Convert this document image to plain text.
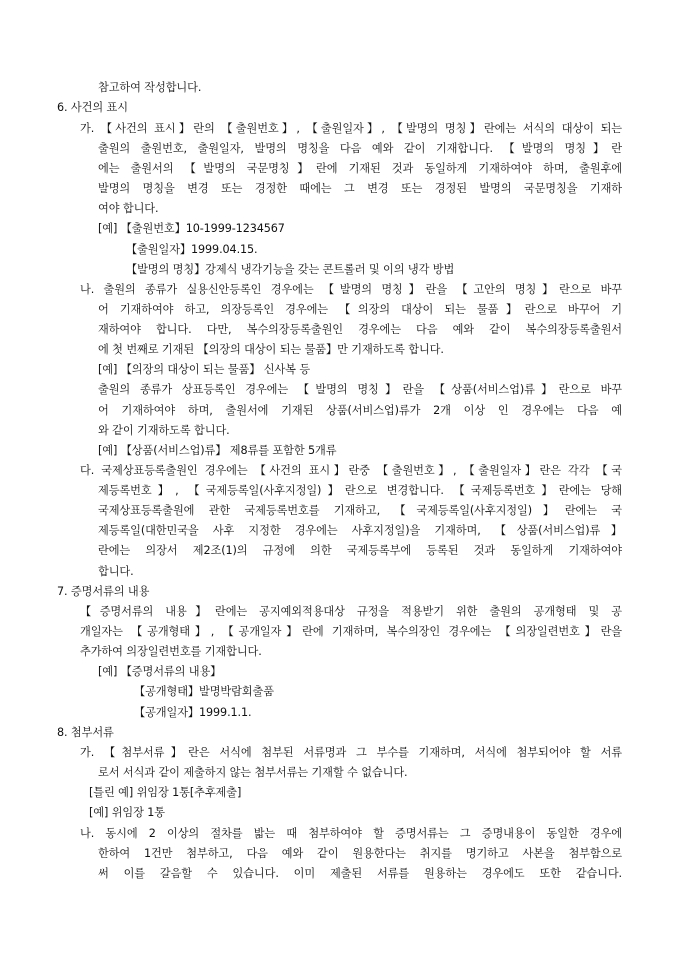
참고하여 작성합니다.
6. 사건의 표시
가. 【사건의 표시】란의 【출원번호】, 【출원일자】, 【발명의 명칭】란에는 서식의 대상이 되는
출원의 출원번호, 출원일자, 발명의 명칭을 다음 예와 같이 기재합니다. 【발명의 명칭】란
에는 출원서의 【발명의 국문명칭】란에 기재된 것과 동일하게 기재하여야 하며, 출원후에
발명의 명칭을 변경 또는 경정한 때에는 그 변경 또는 경정된 발명의 국문명칭을 기재하
여야 합니다.
[예] 【출원번호】10-1999-1234567
【출원일자】1999.04.15.
【발명의 명칭】강제식 냉각기능을 갖는 콘트롤러 및 이의 냉각 방법
나. 출원의 종류가 실용신안등록인 경우에는 【발명의 명칭】란을 【고안의 명칭】란으로 바꾸
어 기재하여야 하고, 의장등록인 경우에는 【의장의 대상이 되는 물품】란으로 바꾸어 기
재하여야 합니다. 다만, 복수의장등록출원인 경우에는 다음 예와 같이 복수의장등록출원서
에 첫 번째로 기재된 【의장의 대상이 되는 물품】만 기재하도록 합니다.
[예] 【의장의 대상이 되는 물품】 신사복 등
출원의 종류가 상표등록인 경우에는 【발명의 명칭】란을 【상품(서비스업)류】란으로 바꾸
어 기재하여야 하며, 출원서에 기재된 상품(서비스업)류가 2개 이상 인 경우에는 다음 예
와 같이 기재하도록 합니다.
[예] 【상품(서비스업)류】 제8류를 포함한 5개류
다. 국제상표등록출원인 경우에는 【사건의 표시】란중 【출원번호】, 【출원일자】란은 각각 【국
제등록번호】, 【국제등록일(사후지정일)】란으로 변경합니다. 【국제등록번호】란에는 당해
국제상표등록출원에 관한 국제등록번호를 기재하고, 【국제등록일(사후지정일)】란에는 국
제등록일(대한민국을 사후 지정한 경우에는 사후지정일)을 기재하며, 【상품(서비스업)류】
란에는 의장서 제2조(1)의 규정에 의한 국제등록부에 등록된 것과 동일하게 기재하여야
합니다.
7. 증명서류의 내용
【증명서류의 내용】란에는 공지예외적용대상 규정을 적용받기 위한 출원의 공개형태 및 공
개일자는 【공개형태】, 【공개일자】란에 기재하며, 복수의장인 경우에는 【의장일련번호】란을
추가하여 의장일련번호를 기재합니다.
[예] 【증명서류의 내용】
【공개형태】발명박람회출품
【공개일자】1999.1.1.
8. 첨부서류
가. 【첨부서류】란은 서식에 첨부된 서류명과 그 부수를 기재하며, 서식에 첨부되어야 할 서류
로서 서식과 같이 제출하지 않는 첨부서류는 기재할 수 없습니다.
[틀린 예] 위임장 1통[추후제출]
[예] 위임장 1통
나. 동시에 2 이상의 절차를 밟는 때 첨부하여야 할 증명서류는 그 증명내용이 동일한 경우에
한하여 1건만 첨부하고, 다음 예와 같이 원용한다는 취지를 명기하고 사본을 첨부함으로
써 이를 갈음할 수 있습니다. 이미 제출된 서류를 원용하는 경우에도 또한 같습니다.
